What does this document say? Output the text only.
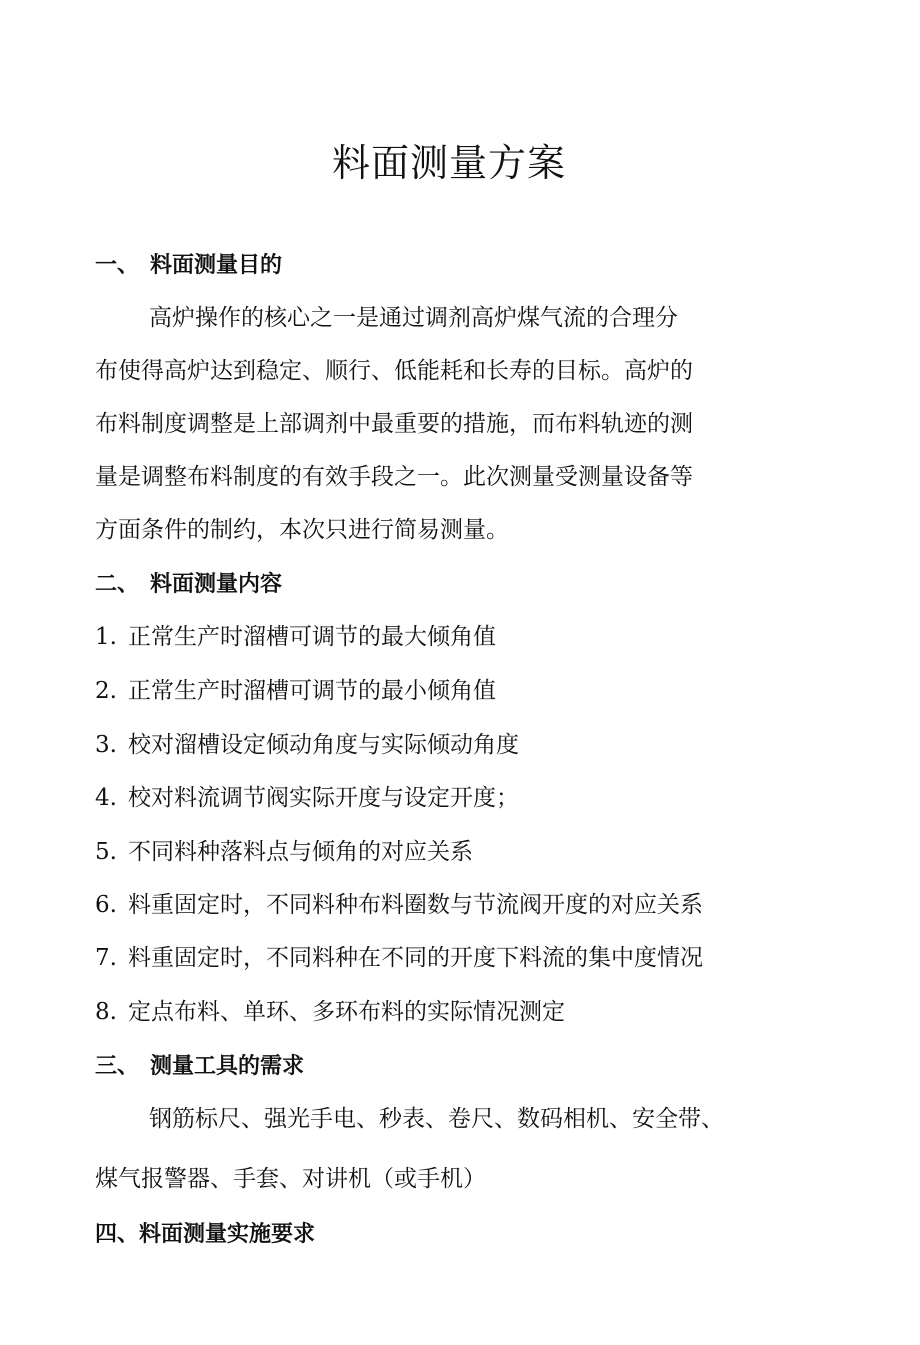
料面测量方案
一、 料面测量目的
高炉操作的核心之一是通过调剂高炉煤气流的合理分
布使得高炉达到稳定、顺行、低能耗和长寿的目标。高炉的
布料制度调整是上部调剂中最重要的措施，而布料轨迹的测
量是调整布料制度的有效手段之一。此次测量受测量设备等
方面条件的制约，本次只进行简易测量。
二、 料面测量内容
1. 正常生产时溜槽可调节的最大倾角值
2. 正常生产时溜槽可调节的最小倾角值
3. 校对溜槽设定倾动角度与实际倾动角度
4. 校对料流调节阀实际开度与设定开度；
5. 不同料种落料点与倾角的对应关系
6. 料重固定时，不同料种布料圈数与节流阀开度的对应关系
7. 料重固定时，不同料种在不同的开度下料流的集中度情况
8. 定点布料、单环、多环布料的实际情况测定
三、 测量工具的需求
钢筋标尺、强光手电、秒表、卷尺、数码相机、安全带、
煤气报警器、手套、对讲机（或手机）
四、料面测量实施要求
